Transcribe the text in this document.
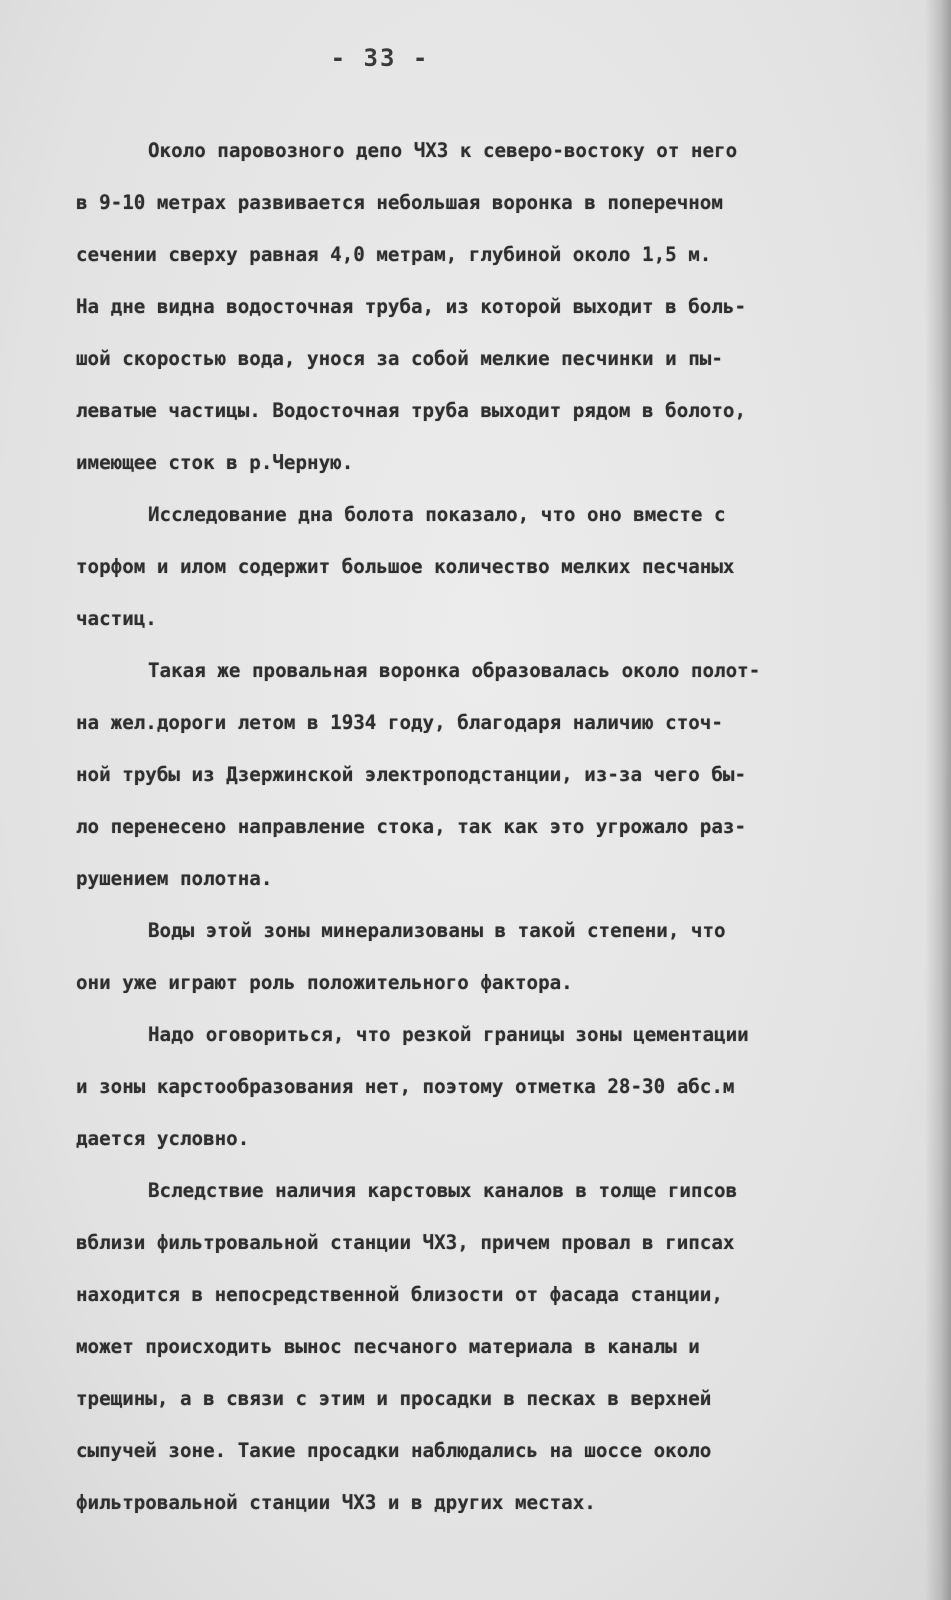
- 33 -
Около паровозного депо ЧХЗ к северо-востоку от него
в 9-10 метрах развивается небольшая воронка в поперечном
сечении сверху равная 4,0 метрам, глубиной около 1,5 м.
На дне видна водосточная труба, из которой выходит в боль-
шой скоростью вода, унося за собой мелкие песчинки и пы-
леватые частицы. Водосточная труба выходит рядом в болото,
имеющее сток в р.Черную.
Исследование дна болота показало, что оно вместе с
торфом и илом содержит большое количество мелких песчаных
частиц.
Такая же провальная воронка образовалась около полот-
на жел.дороги летом в 1934 году, благодаря наличию сточ-
ной трубы из Дзержинской электроподстанции, из-за чего бы-
ло перенесено направление стока, так как это угрожало раз-
рушением полотна.
Воды этой зоны минерализованы в такой степени, что
они уже играют роль положительного фактора.
Надо оговориться, что резкой границы зоны цементации
и зоны карстообразования нет, поэтому отметка 28-30 абс.м
дается условно.
Вследствие наличия карстовых каналов в толще гипсов
вблизи фильтровальной станции ЧХЗ, причем провал в гипсах
находится в непосредственной близости от фасада станции,
может происходить вынос песчаного материала в каналы и
трещины, а в связи с этим и просадки в песках в верхней
сыпучей зоне. Такие просадки наблюдались на шоссе около
фильтровальной станции ЧХЗ и в других местах.
